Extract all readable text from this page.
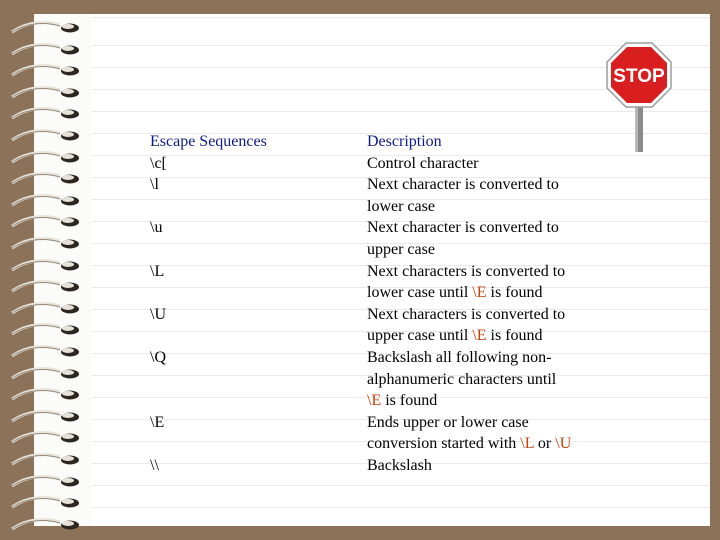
STOP
Escape Sequences
\c[
\l
\u
\L
\U
\Q
\E
\\
Description
Control character
Next character is converted to
lower case
Next character is converted to
upper case
Next characters is converted to
lower case until \E is found
Next characters is converted to
upper case until \E is found
Backslash all following non-
alphanumeric characters until
\E is found
Ends upper or lower case
conversion started with \L or \U
Backslash
